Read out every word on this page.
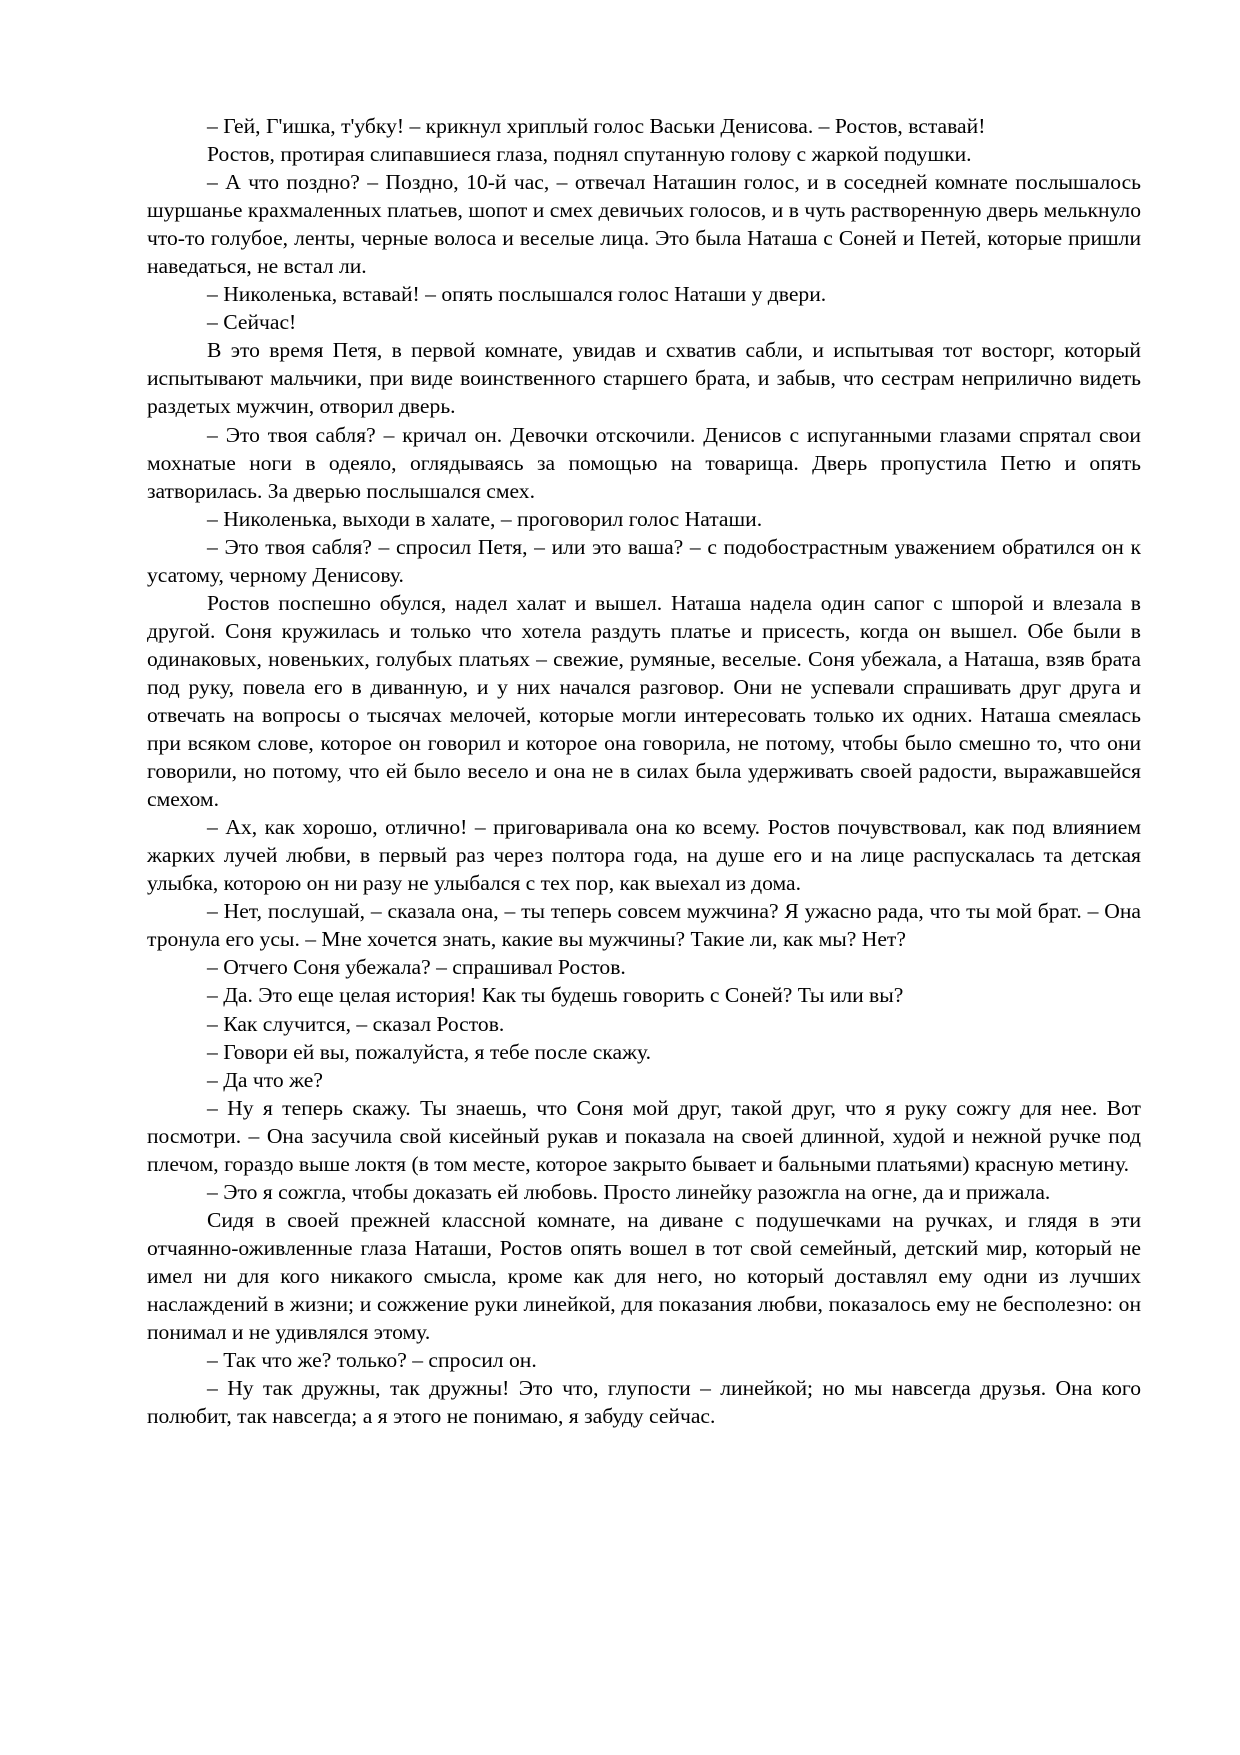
– Гей, Г'ишка, т'убку! – крикнул хриплый голос Васьки Денисова. – Ростов, вставай!

Ростов, протирая слипавшиеся глаза, поднял спутанную голову с жаркой подушки.

– А что поздно? – Поздно, 10-й час, – отвечал Наташин голос, и в соседней комнате послышалось шуршанье крахмаленных платьев, шопот и смех девичьих голосов, и в чуть растворенную дверь мелькнуло что-то голубое, ленты, черные волоса и веселые лица. Это была Наташа с Соней и Петей, которые пришли наведаться, не встал ли.

– Николенька, вставай! – опять послышался голос Наташи у двери.

– Сейчас!

В это время Петя, в первой комнате, увидав и схватив сабли, и испытывая тот восторг, который испытывают мальчики, при виде воинственного старшего брата, и забыв, что сестрам неприлично видеть раздетых мужчин, отворил дверь.

– Это твоя сабля? – кричал он. Девочки отскочили. Денисов с испуганными глазами спрятал свои мохнатые ноги в одеяло, оглядываясь за помощью на товарища. Дверь пропустила Петю и опять затворилась. За дверью послышался смех.

– Николенька, выходи в халате, – проговорил голос Наташи.

– Это твоя сабля? – спросил Петя, – или это ваша? – с подобострастным уважением обратился он к усатому, черному Денисову.

Ростов поспешно обулся, надел халат и вышел. Наташа надела один сапог с шпорой и влезала в другой. Соня кружилась и только что хотела раздуть платье и присесть, когда он вышел. Обе были в одинаковых, новеньких, голубых платьях – свежие, румяные, веселые. Соня убежала, а Наташа, взяв брата под руку, повела его в диванную, и у них начался разговор. Они не успевали спрашивать друг друга и отвечать на вопросы о тысячах мелочей, которые могли интересовать только их одних. Наташа смеялась при всяком слове, которое он говорил и которое она говорила, не потому, чтобы было смешно то, что они говорили, но потому, что ей было весело и она не в силах была удерживать своей радости, выражавшейся смехом.

– Ах, как хорошо, отлично! – приговаривала она ко всему. Ростов почувствовал, как под влиянием жарких лучей любви, в первый раз через полтора года, на душе его и на лице распускалась та детская улыбка, которою он ни разу не улыбался с тех пор, как выехал из дома.

– Нет, послушай, – сказала она, – ты теперь совсем мужчина? Я ужасно рада, что ты мой брат. – Она тронула его усы. – Мне хочется знать, какие вы мужчины? Такие ли, как мы? Нет?

– Отчего Соня убежала? – спрашивал Ростов.

– Да. Это еще целая история! Как ты будешь говорить с Соней? Ты или вы?

– Как случится, – сказал Ростов.

– Говори ей вы, пожалуйста, я тебе после скажу.

– Да что же?

– Ну я теперь скажу. Ты знаешь, что Соня мой друг, такой друг, что я руку сожгу для нее. Вот посмотри. – Она засучила свой кисейный рукав и показала на своей длинной, худой и нежной ручке под плечом, гораздо выше локтя (в том месте, которое закрыто бывает и бальными платьями) красную метину.

– Это я сожгла, чтобы доказать ей любовь. Просто линейку разожгла на огне, да и прижала.

Сидя в своей прежней классной комнате, на диване с подушечками на ручках, и глядя в эти отчаянно-оживленные глаза Наташи, Ростов опять вошел в тот свой семейный, детский мир, который не имел ни для кого никакого смысла, кроме как для него, но который доставлял ему одни из лучших наслаждений в жизни; и сожжение руки линейкой, для показания любви, показалось ему не бесполезно: он понимал и не удивлялся этому.

– Так что же? только? – спросил он.

– Ну так дружны, так дружны! Это что, глупости – линейкой; но мы навсегда друзья. Она кого полюбит, так навсегда; а я этого не понимаю, я забуду сейчас.
